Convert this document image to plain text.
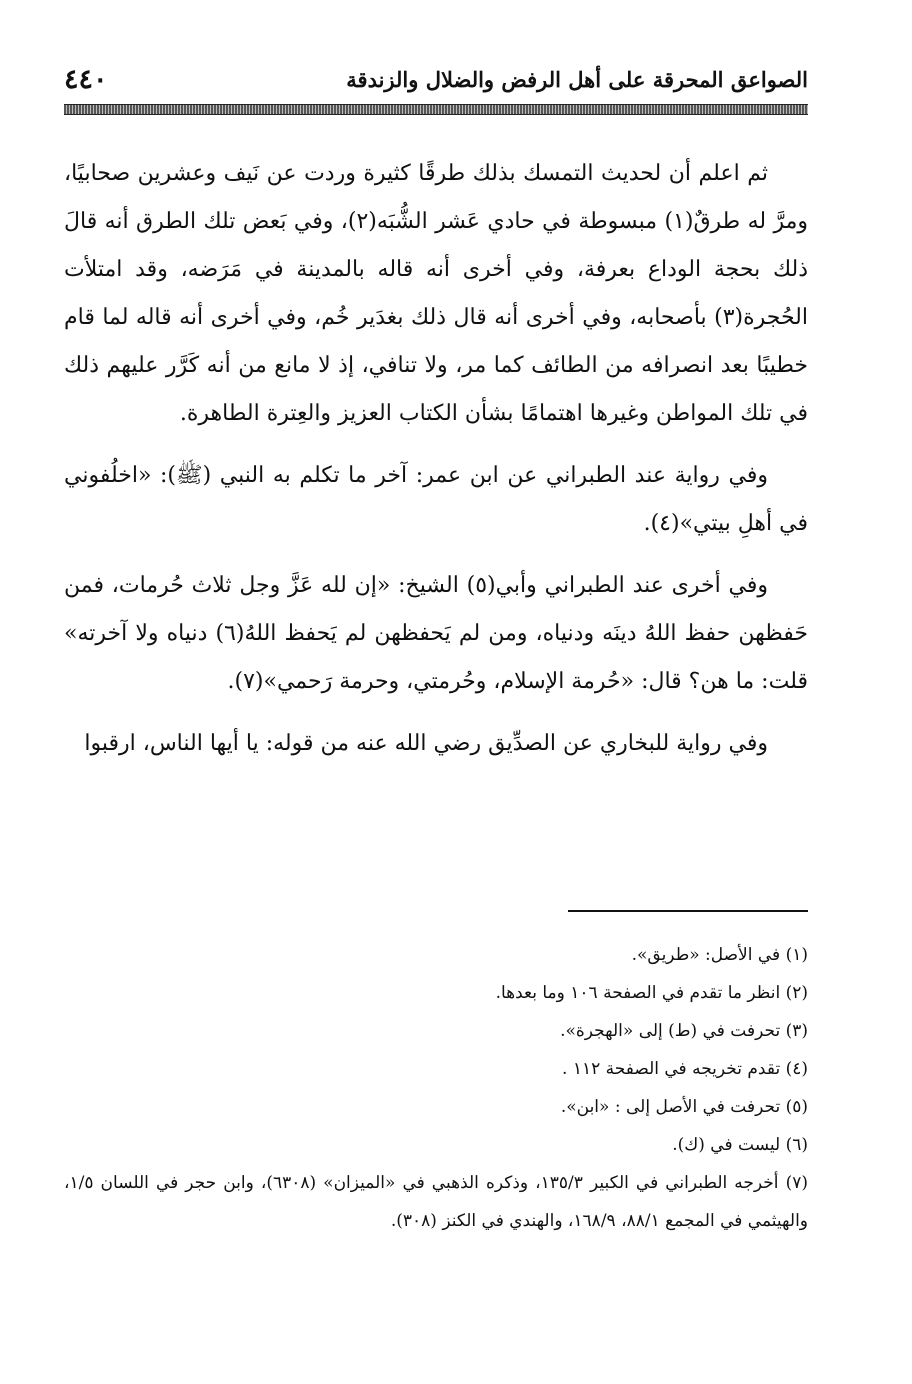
الصواعق المحرقة على أهل الرفض والضلال والزندقة
٤٤٠

ثم اعلم أن لحديث التمسك بذلك طرقًا كثيرة وردت عن نَيف وعشرين صحابيًا، ومرَّ له طرقٌ(١) مبسوطة في حادي عَشر الشُّبَه(٢)، وفي بَعض تلك الطرق أنه قالَ ذلك بحجة الوداع بعرفة، وفي أخرى أنه قاله بالمدينة في مَرَضه، وقد امتلأت الحُجرة(٣) بأصحابه، وفي أخرى أنه قال ذلك بغدَير خُم، وفي أخرى أنه قاله لما قام خطيبًا بعد انصرافه من الطائف كما مر، ولا تنافي، إذ لا مانع من أنه كَرَّر عليهم ذلك في تلك المواطن وغيرها اهتمامًا بشأن الكتاب العزيز والعِترة الطاهرة.

وفي رواية عند الطبراني عن ابن عمر: آخر ما تكلم به النبي (ﷺ): «اخلُفوني في أهلِ بيتي»(٤).

وفي أخرى عند الطبراني وأبي(٥) الشيخ: «إن لله عَزَّ وجل ثلاث حُرمات، فمن حَفظهن حفظ اللهُ دينَه ودنياه، ومن لم يَحفظهن لم يَحفظ اللهُ(٦) دنياه ولا آخرته» قلت: ما هن؟ قال: «حُرمة الإسلام، وحُرمتي، وحرمة رَحمي»(٧).

وفي رواية للبخاري عن الصدِّيق رضي الله عنه من قوله: يا أيها الناس، ارقبوا

(١) في الأصل: «طريق».

(٢) انظر ما تقدم في الصفحة ١٠٦ وما بعدها.

(٣) تحرفت في (ط) إلى «الهجرة».

(٤) تقدم تخريجه في الصفحة ١١٢ .

(٥) تحرفت في الأصل إلى : «ابن».

(٦) ليست في (ك).

(٧) أخرجه الطبراني في الكبير ١٣٥/٣، وذكره الذهبي في «الميزان» (٦٣٠٨)، وابن حجر في اللسان ١/٥، والهيثمي في المجمع ٨٨/١، ١٦٨/٩، والهندي في الكنز (٣٠٨).
